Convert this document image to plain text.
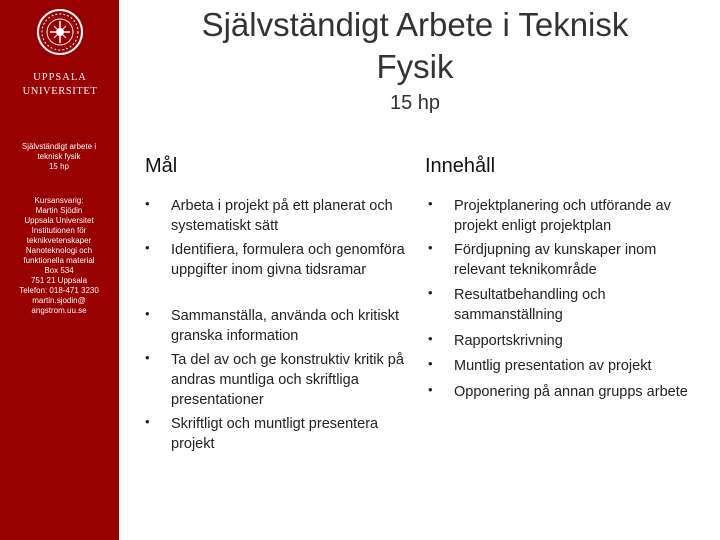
UPPSALA
UNIVERSITET
Självständigt arbete i
teknisk fysik
15 hp
Kursansvarig:
Martin Sjödin
Uppsala Universitet
Institutionen för
teknikvetenskaper
Nanoteknologi och
funktionella material
Box 534
751 21 Uppsala
Telefon: 018-471 3230
martin.sjodin@
angstrom.uu.se
Självständigt Arbete i Teknisk
Fysik
15 hp
Mål
• Arbeta i projekt på ett planerat och systematiskt sätt
• Identifiera, formulera och genomföra uppgifter inom givna tidsramar
• Sammanställa, använda och kritiskt granska information
• Ta del av och ge konstruktiv kritik på andras muntliga och skriftliga presentationer
• Skriftligt och muntligt presentera projekt
Innehåll
• Projektplanering och utförande av projekt enligt projektplan
• Fördjupning av kunskaper inom relevant teknikområde
• Resultatbehandling och sammanställning
• Rapportskrivning
• Muntlig presentation av projekt
• Opponering på annan grupps arbete
